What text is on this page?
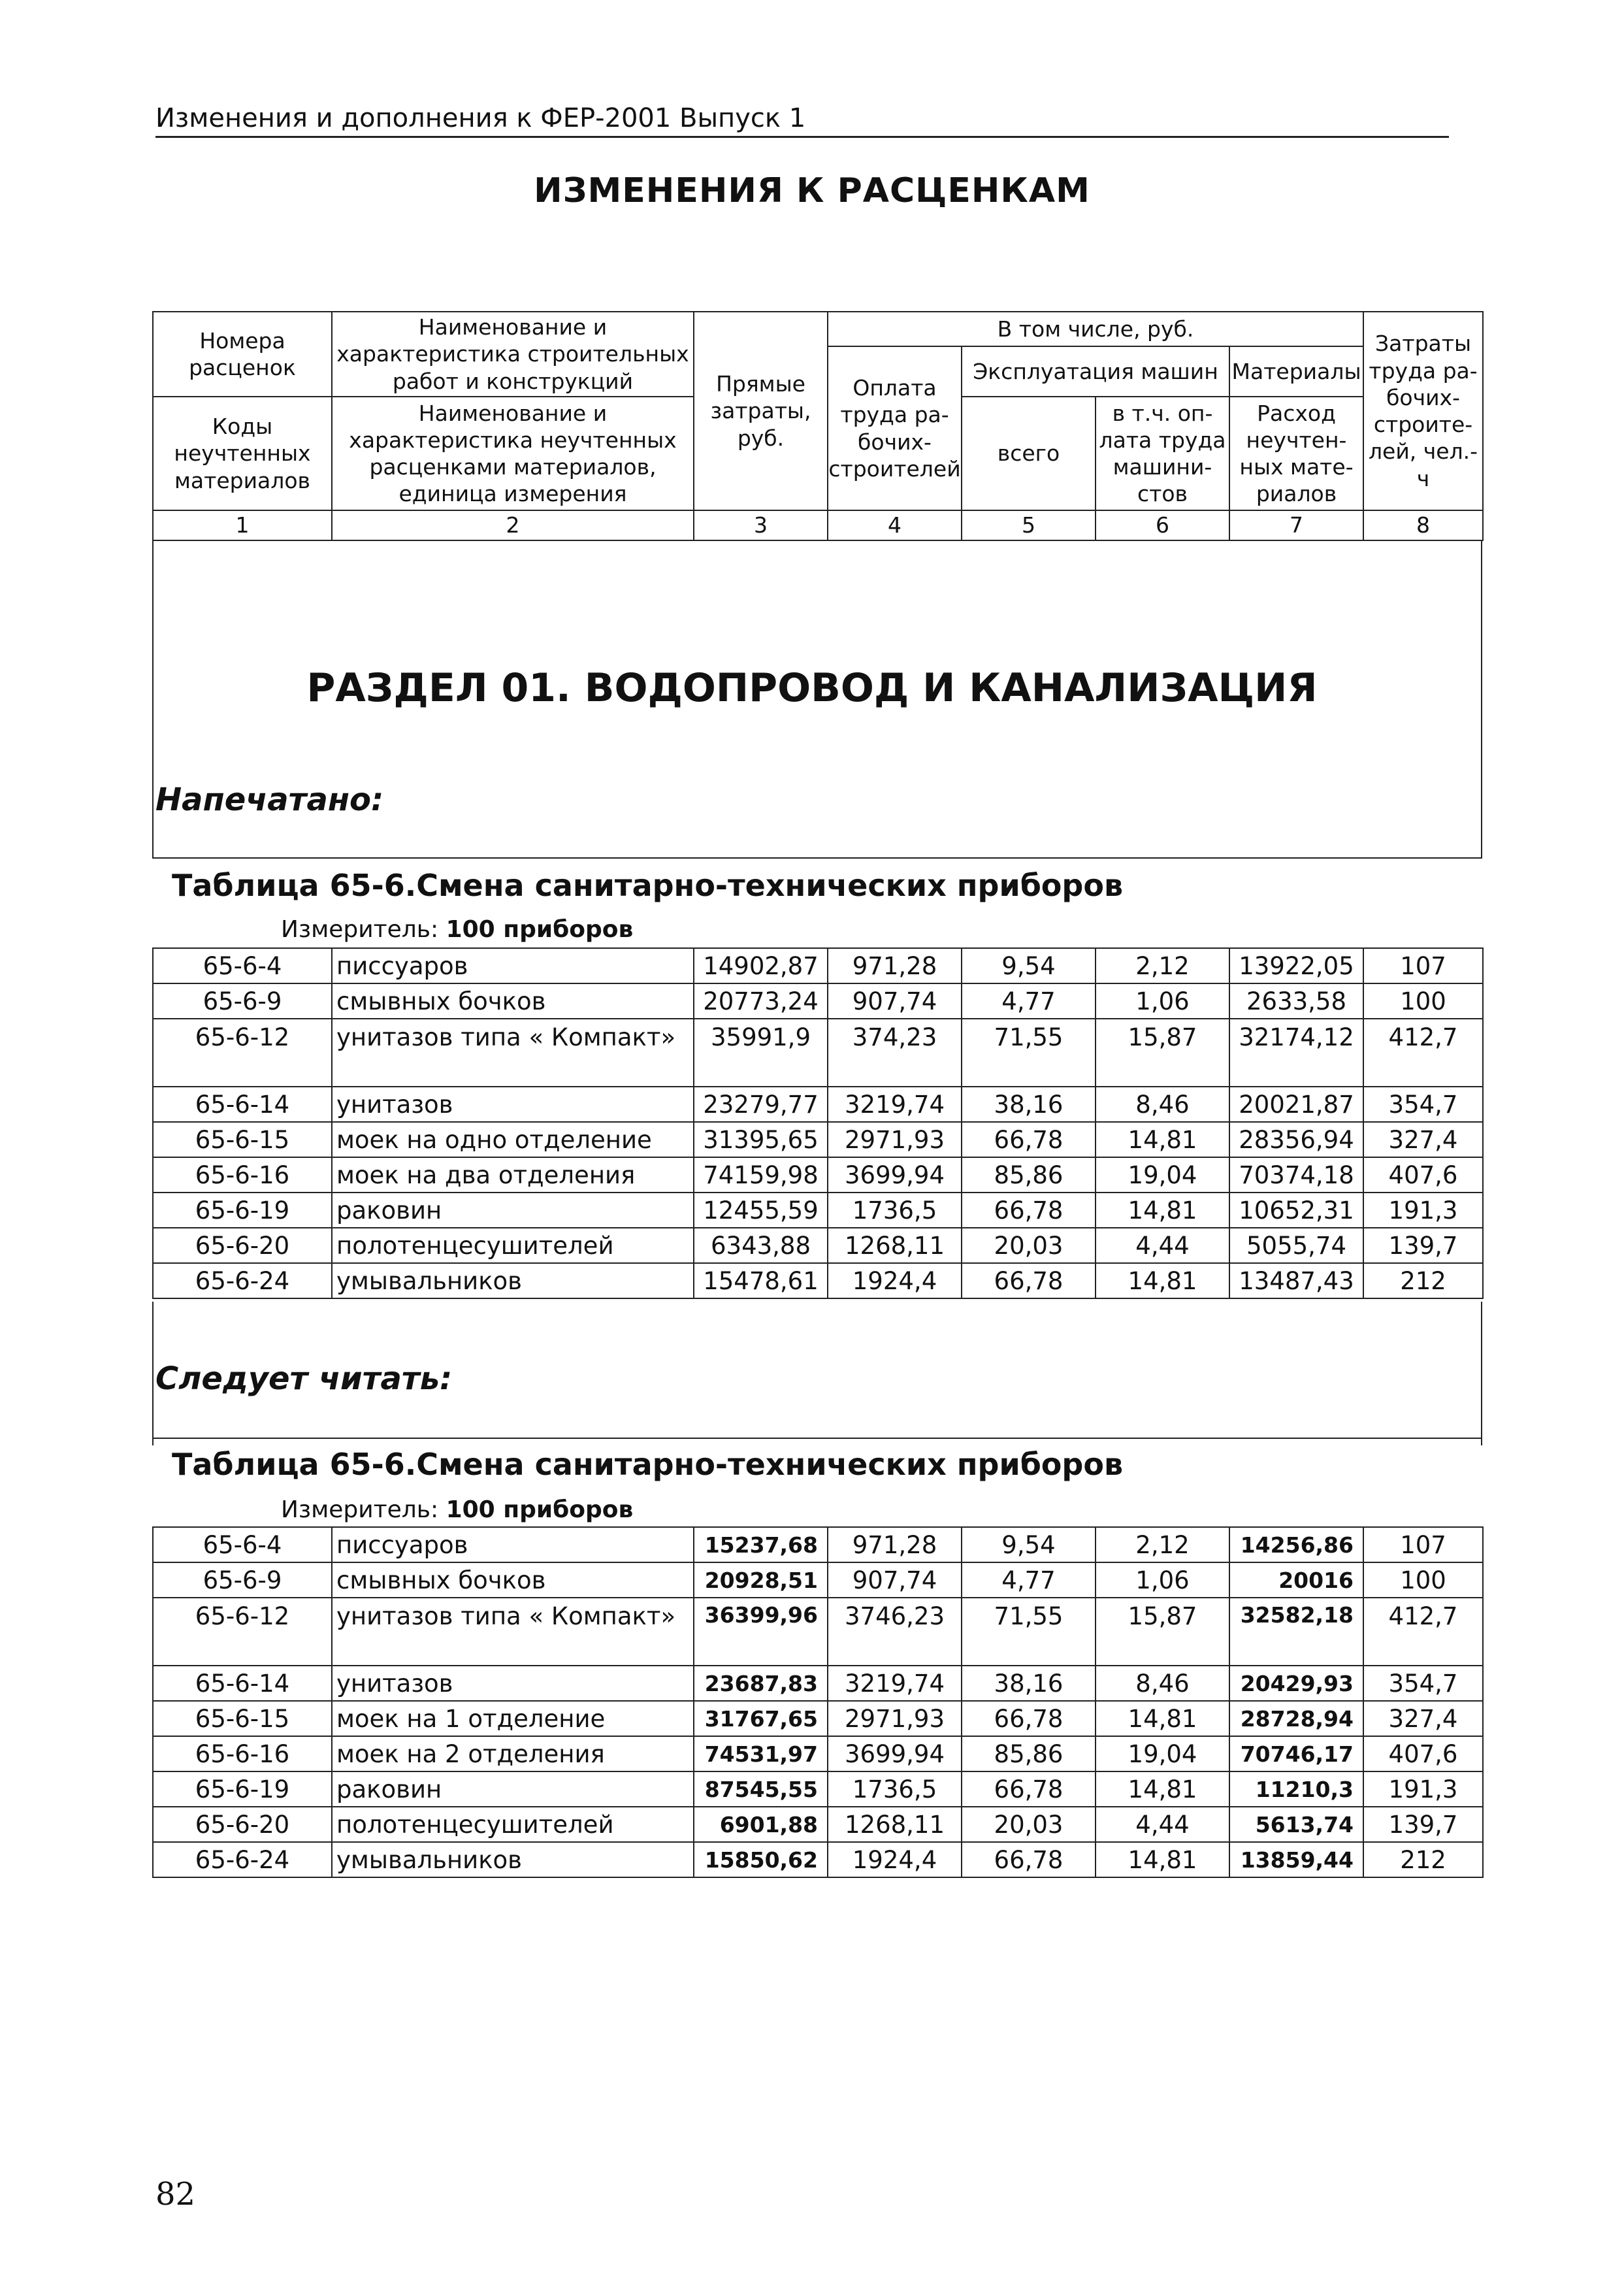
Изменения и дополнения к ФЕР-2001 Выпуск 1
ИЗМЕНЕНИЯ К РАСЦЕНКАМ
Номера расценок	Наименование и характеристика строительных работ и конструкций	Прямые затраты, руб.	В том числе, руб.				Затраты труда ра-бочих-строите-лей, чел.-ч
			Оплата труда ра-бочих-строителей	Эксплуатация машин		Материалы	
Коды неучтенных материалов	Наименование и характеристика неучтенных расценками материалов, единица измерения			всего	в т.ч. оп-лата труда машини-стов	Расход неучтен-ных мате-риалов	

1	2	3	4	5	6	7	8
РАЗДЕЛ 01. ВОДОПРОВОД И КАНАЛИЗАЦИЯ
Напечатано:
Таблица 65-6.Смена санитарно-технических приборов
Измеритель: 100 приборов
65-6-4	писсуаров	14902,87	971,28	9,54	2,12	13922,05	107
65-6-9	смывных бочков	20773,24	907,74	4,77	1,06	2633,58	100
65-6-12	унитазов типа « Компакт»	35991,9	374,23	71,55	15,87	32174,12	412,7
65-6-14	унитазов	23279,77	3219,74	38,16	8,46	20021,87	354,7
65-6-15	моек на одно отделение	31395,65	2971,93	66,78	14,81	28356,94	327,4
65-6-16	моек на два отделения	74159,98	3699,94	85,86	19,04	70374,18	407,6
65-6-19	раковин	12455,59	1736,5	66,78	14,81	10652,31	191,3
65-6-20	полотенцесушителей	6343,88	1268,11	20,03	4,44	5055,74	139,7
65-6-24	умывальников	15478,61	1924,4	66,78	14,81	13487,43	212
Следует читать:
Таблица 65-6.Смена санитарно-технических приборов
Измеритель: 100 приборов
65-6-4	писсуаров	15237,68	971,28	9,54	2,12	14256,86	107
65-6-9	смывных бочков	20928,51	907,74	4,77	1,06	20016	100
65-6-12	унитазов типа « Компакт»	36399,96	3746,23	71,55	15,87	32582,18	412,7
65-6-14	унитазов	23687,83	3219,74	38,16	8,46	20429,93	354,7
65-6-15	моек на 1 отделение	31767,65	2971,93	66,78	14,81	28728,94	327,4
65-6-16	моек на 2 отделения	74531,97	3699,94	85,86	19,04	70746,17	407,6
65-6-19	раковин	87545,55	1736,5	66,78	14,81	11210,3	191,3
65-6-20	полотенцесушителей	6901,88	1268,11	20,03	4,44	5613,74	139,7
65-6-24	умывальников	15850,62	1924,4	66,78	14,81	13859,44	212
82
